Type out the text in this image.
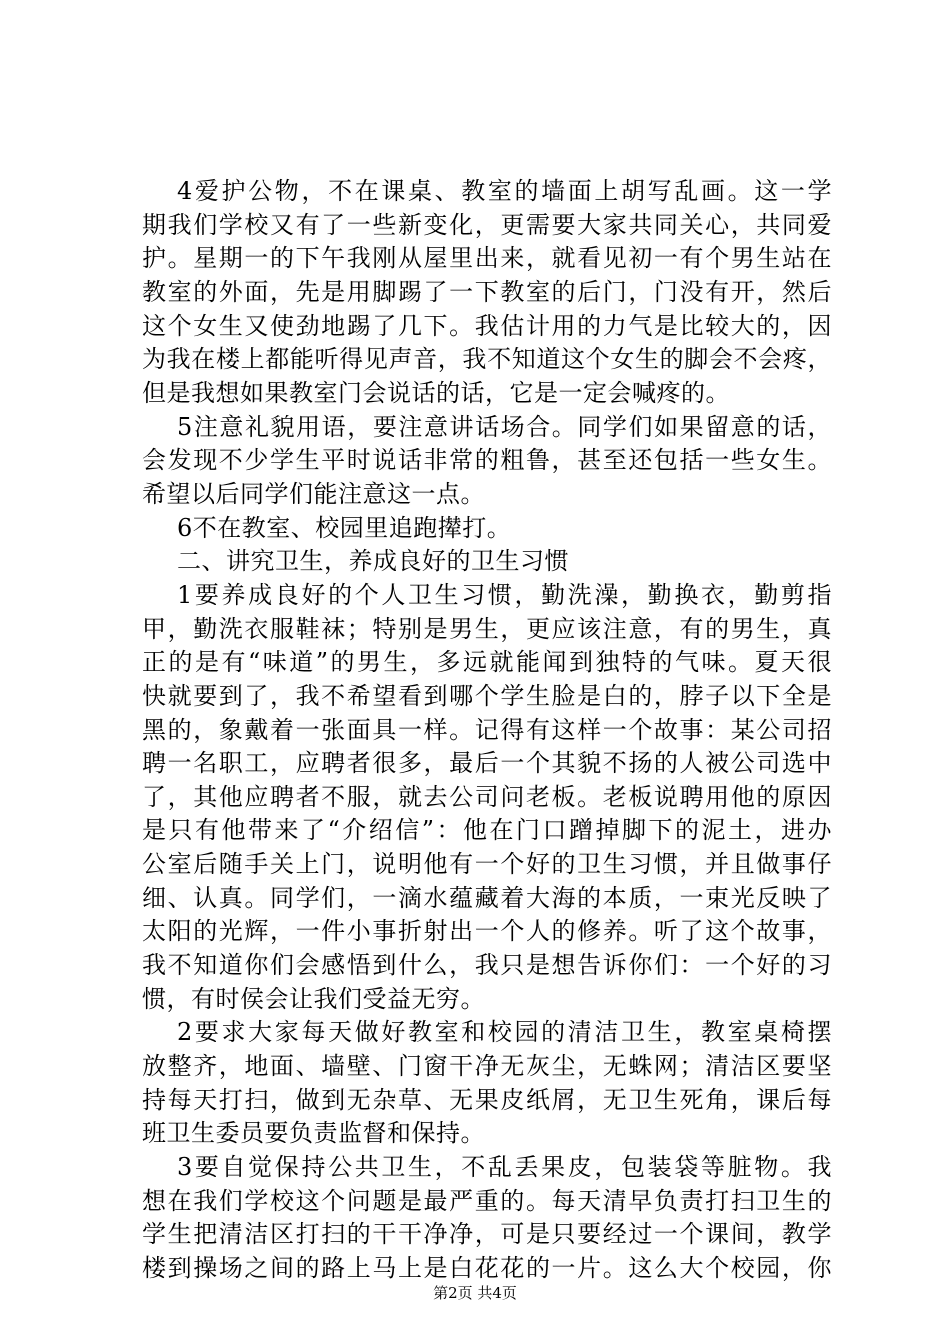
4爱护公物，不在课桌、教室的墙面上胡写乱画。这一学
期我们学校又有了一些新变化，更需要大家共同关心，共同爱
护。星期一的下午我刚从屋里出来，就看见初一有个男生站在
教室的外面，先是用脚踢了一下教室的后门，门没有开，然后
这个女生又使劲地踢了几下。我估计用的力气是比较大的，因
为我在楼上都能听得见声音，我不知道这个女生的脚会不会疼，
但是我想如果教室门会说话的话，它是一定会喊疼的。
5注意礼貌用语，要注意讲话场合。同学们如果留意的话，
会发现不少学生平时说话非常的粗鲁，甚至还包括一些女生。
希望以后同学们能注意这一点。
6不在教室、校园里追跑撵打。
二、讲究卫生，养成良好的卫生习惯
1要养成良好的个人卫生习惯，勤洗澡，勤换衣，勤剪指
甲，勤洗衣服鞋袜；特别是男生，更应该注意，有的男生，真
正的是有“味道”的男生，多远就能闻到独特的气味。夏天很
快就要到了，我不希望看到哪个学生脸是白的，脖子以下全是
黑的，象戴着一张面具一样。记得有这样一个故事：某公司招
聘一名职工，应聘者很多，最后一个其貌不扬的人被公司选中
了，其他应聘者不服，就去公司问老板。老板说聘用他的原因
是只有他带来了“介绍信”：他在门口蹭掉脚下的泥土，进办
公室后随手关上门，说明他有一个好的卫生习惯，并且做事仔
细、认真。同学们，一滴水蕴藏着大海的本质，一束光反映了
太阳的光辉，一件小事折射出一个人的修养。听了这个故事，
我不知道你们会感悟到什么，我只是想告诉你们：一个好的习
惯，有时侯会让我们受益无穷。
2要求大家每天做好教室和校园的清洁卫生，教室桌椅摆
放整齐，地面、墙壁、门窗干净无灰尘，无蛛网；清洁区要坚
持每天打扫，做到无杂草、无果皮纸屑，无卫生死角，课后每
班卫生委员要负责监督和保持。
第2页 共4页
3要自觉保持公共卫生，不乱丢果皮，包装袋等脏物。我
想在我们学校这个问题是最严重的。每天清早负责打扫卫生的
学生把清洁区打扫的干干净净，可是只要经过一个课间，教学
楼到操场之间的路上马上是白花花的一片。这么大个校园，你
